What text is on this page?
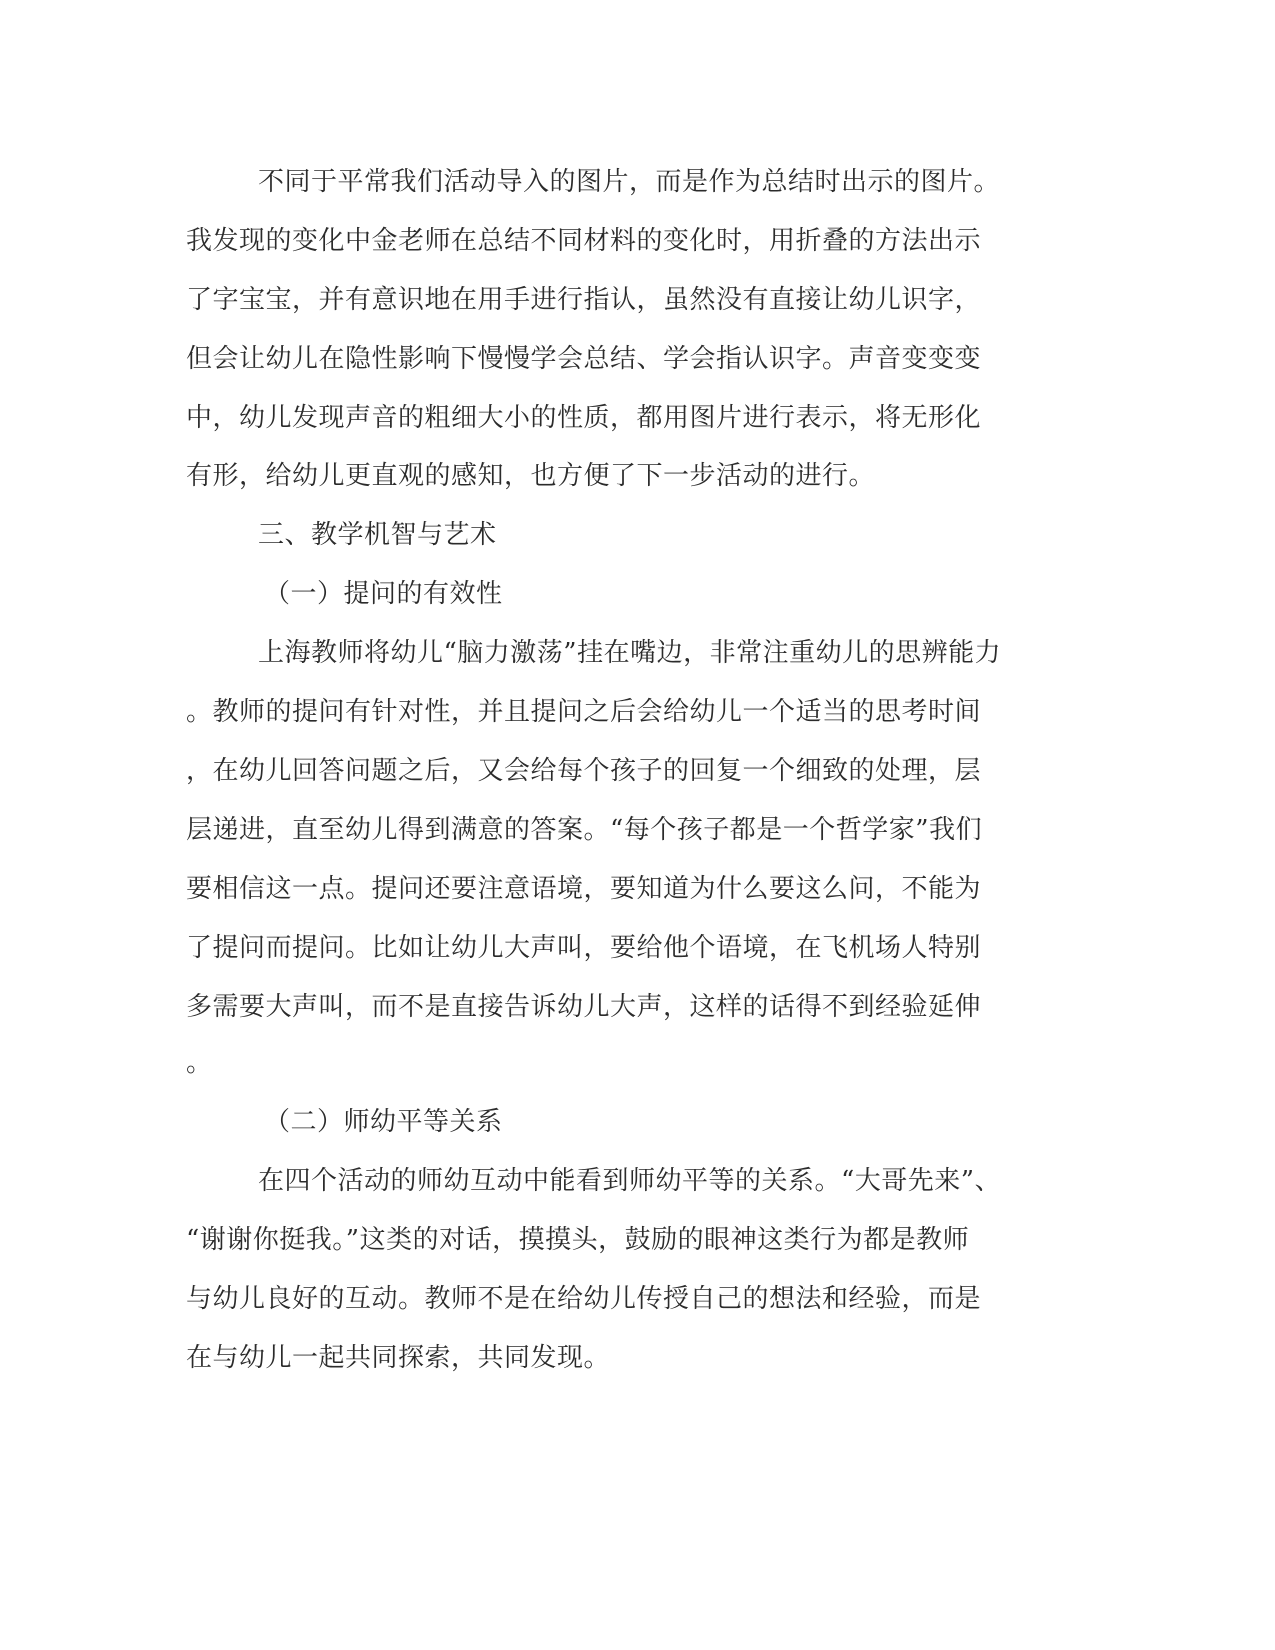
不同于平常我们活动导入的图片，而是作为总结时出示的图片。
我发现的变化中金老师在总结不同材料的变化时，用折叠的方法出示
了字宝宝，并有意识地在用手进行指认，虽然没有直接让幼儿识字，
但会让幼儿在隐性影响下慢慢学会总结、学会指认识字。声音变变变
中，幼儿发现声音的粗细大小的性质，都用图片进行表示，将无形化
有形，给幼儿更直观的感知，也方便了下一步活动的进行。
三、教学机智与艺术
（一）提问的有效性
上海教师将幼儿“脑力激荡”挂在嘴边，非常注重幼儿的思辨能力
。教师的提问有针对性，并且提问之后会给幼儿一个适当的思考时间
，在幼儿回答问题之后，又会给每个孩子的回复一个细致的处理，层
层递进，直至幼儿得到满意的答案。“每个孩子都是一个哲学家”我们
要相信这一点。提问还要注意语境，要知道为什么要这么问，不能为
了提问而提问。比如让幼儿大声叫，要给他个语境，在飞机场人特别
多需要大声叫，而不是直接告诉幼儿大声，这样的话得不到经验延伸
。
（二）师幼平等关系
在四个活动的师幼互动中能看到师幼平等的关系。“大哥先来”、
“谢谢你挺我。”这类的对话，摸摸头，鼓励的眼神这类行为都是教师
与幼儿良好的互动。教师不是在给幼儿传授自己的想法和经验，而是
在与幼儿一起共同探索，共同发现。
